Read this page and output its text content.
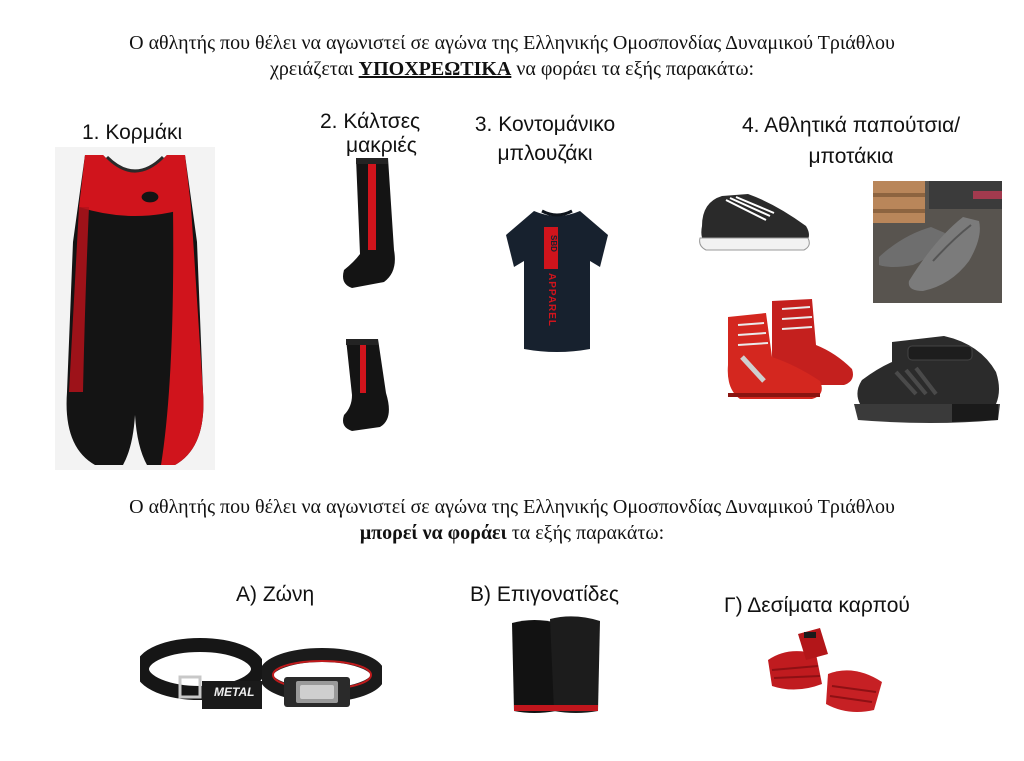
Ο αθλητής που θέλει να αγωνιστεί σε αγώνα της Ελληνικής Ομοσπονδίας Δυναμικού Τριάθλου
χρειάζεται ΥΠΟΧΡΕΩΤΙΚΑ να φοράει τα εξής παρακάτω:
1. Κορμάκι	2. Κάλτσες
μακριές
3. Κοντομάνικο
μπλουζάκι
4. Αθλητικά παπούτσια/
μποτάκια
SBD
APPAREL
Ο αθλητής που θέλει να αγωνιστεί σε αγώνα της Ελληνικής Ομοσπονδίας Δυναμικού Τριάθλου
μπορεί να φοράει τα εξής παρακάτω:
Α) Ζώνη	Β) Επιγονατίδες	Γ) Δεσίματα καρπού
METAL
